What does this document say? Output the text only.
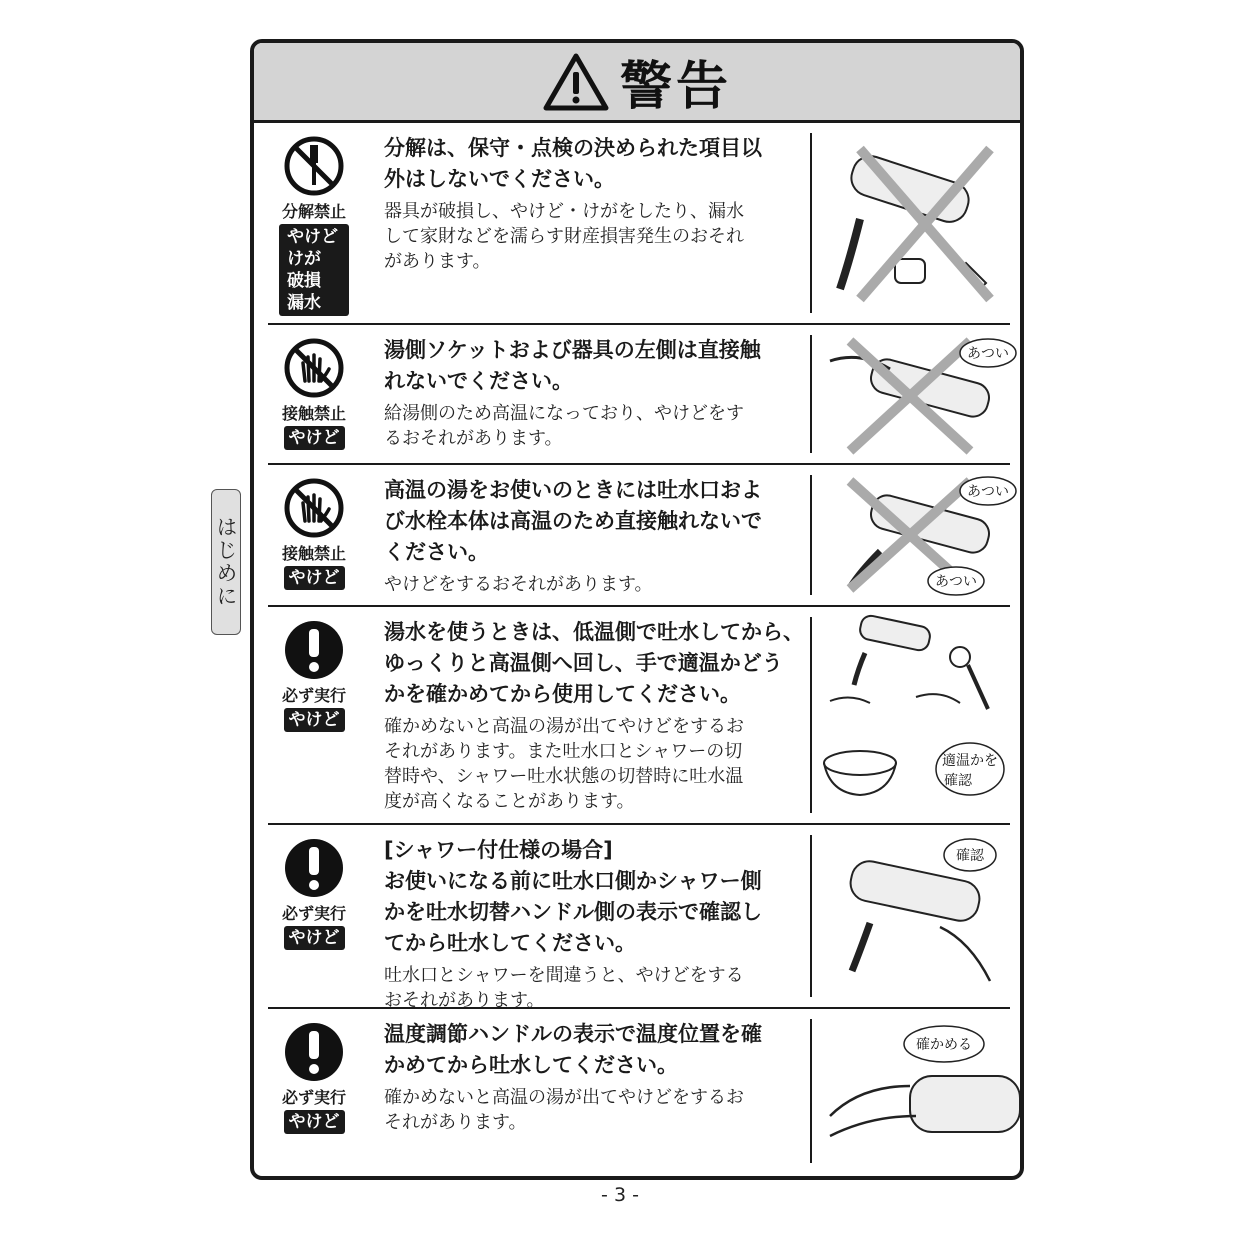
はじめに
警告
分解禁止
やけど
けが
破損
漏水

分解は、保守・点検の決められた項目以
外はしないでください。

器具が破損し、やけど・けがをしたり、漏水
して家財などを濡らす財産損害発生のおそれ
があります。

接触禁止
やけど

湯側ソケットおよび器具の左側は直接触
れないでください。

給湯側のため高温になっており、やけどをす
るおそれがあります。

あつい
接触禁止
やけど

高温の湯をお使いのときには吐水口およ
び水栓本体は高温のため直接触れないで
ください。

やけどをするおそれがあります。

あつい
あつい
必ず実行
やけど

湯水を使うときは、低温側で吐水してから、
ゆっくりと高温側へ回し、手で適温かどう
かを確かめてから使用してください。

確かめないと高温の湯が出てやけどをするお
それがあります。また吐水口とシャワーの切
替時や、シャワー吐水状態の切替時に吐水温
度が高くなることがあります。

適温かを
確認
必ず実行
やけど

[シャワー付仕様の場合]
お使いになる前に吐水口側かシャワー側
かを吐水切替ハンドル側の表示で確認し
てから吐水してください。

吐水口とシャワーを間違うと、やけどをする
おそれがあります。

確認
必ず実行
やけど

温度調節ハンドルの表示で温度位置を確
かめてから吐水してください。

確かめないと高温の湯が出てやけどをするお
それがあります。

確かめる
- 3 -
